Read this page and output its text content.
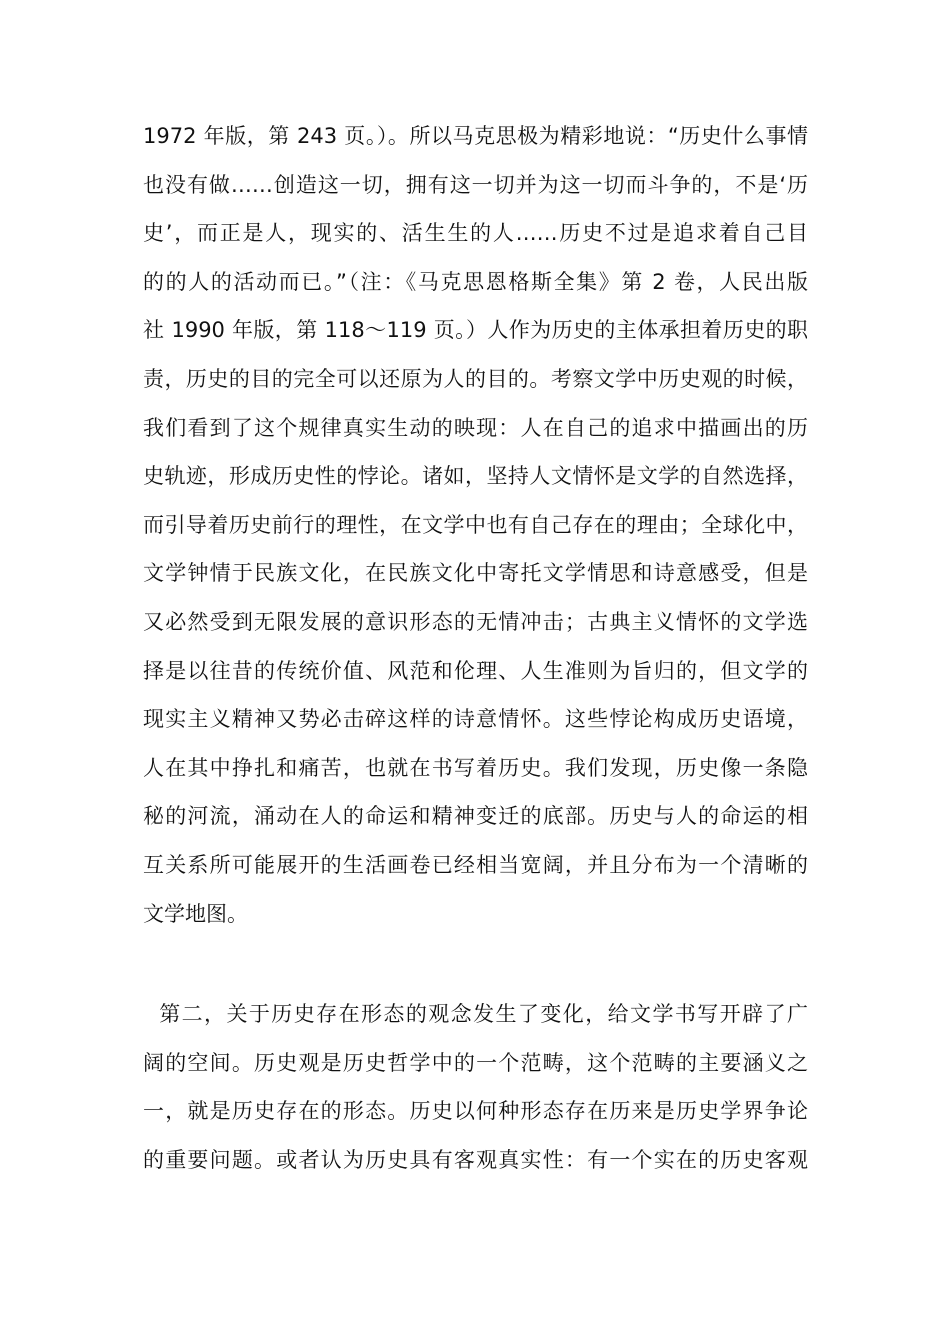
1972 年版，第 243 页。）。所以马克思极为精彩地说：“历史什么事情
也没有做……创造这一切，拥有这一切并为这一切而斗争的，不是‘历
史’，而正是人，现实的、活生生的人……历史不过是追求着自己目
的的人的活动而已。”（注：《马克思恩格斯全集》第 2 卷，人民出版
社 1990 年版，第 118～119 页。）人作为历史的主体承担着历史的职
责，历史的目的完全可以还原为人的目的。考察文学中历史观的时候，
我们看到了这个规律真实生动的映现：人在自己的追求中描画出的历
史轨迹，形成历史性的悖论。诸如，坚持人文情怀是文学的自然选择，
而引导着历史前行的理性，在文学中也有自己存在的理由；全球化中，
文学钟情于民族文化，在民族文化中寄托文学情思和诗意感受，但是
又必然受到无限发展的意识形态的无情冲击；古典主义情怀的文学选
择是以往昔的传统价值、风范和伦理、人生准则为旨归的，但文学的
现实主义精神又势必击碎这样的诗意情怀。这些悖论构成历史语境，
人在其中挣扎和痛苦，也就在书写着历史。我们发现，历史像一条隐
秘的河流，涌动在人的命运和精神变迁的底部。历史与人的命运的相
互关系所可能展开的生活画卷已经相当宽阔，并且分布为一个清晰的
文学地图。
第二，关于历史存在形态的观念发生了变化，给文学书写开辟了广
阔的空间。历史观是历史哲学中的一个范畴，这个范畴的主要涵义之
一，就是历史存在的形态。历史以何种形态存在历来是历史学界争论
的重要问题。或者认为历史具有客观真实性：有一个实在的历史客观
